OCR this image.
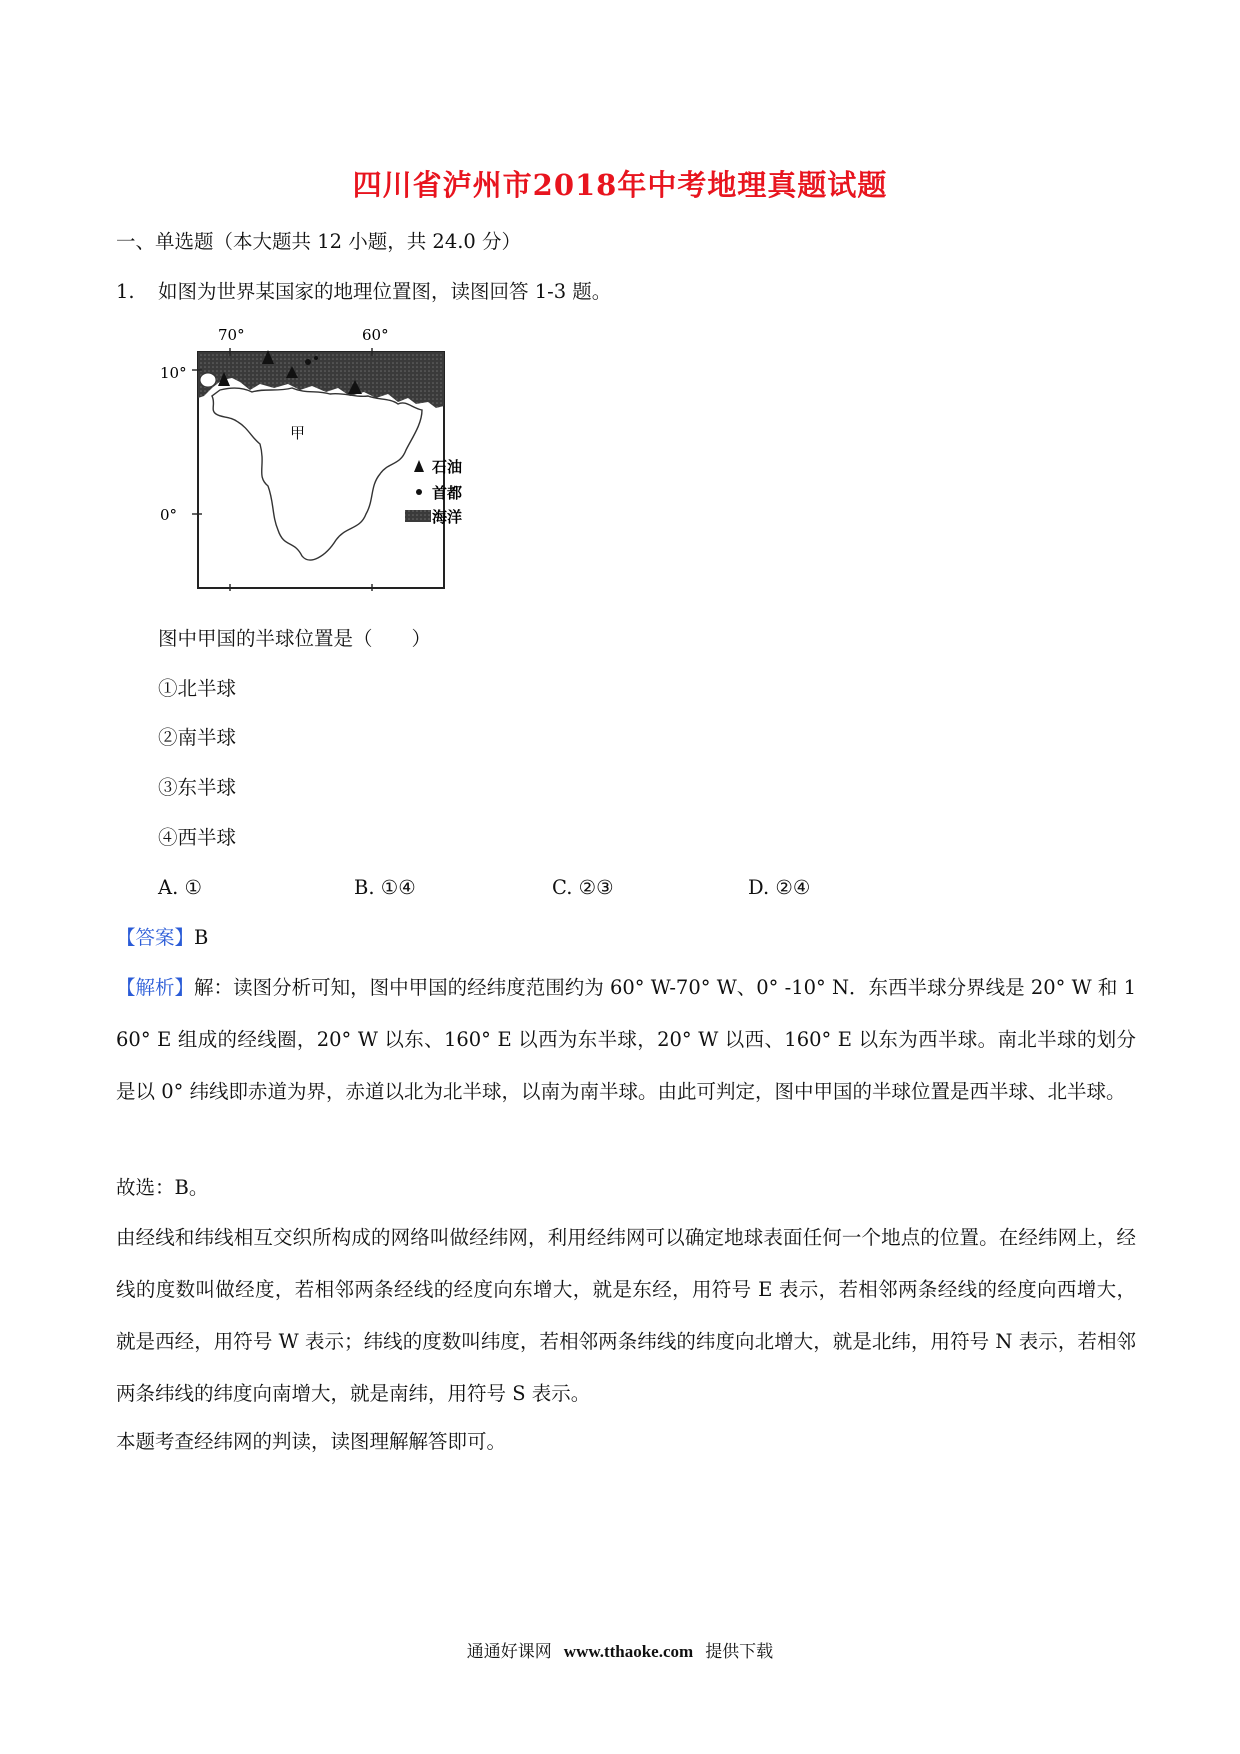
四川省泸州市2018年中考地理真题试题
一、单选题（本大题共 12 小题，共 24.0 分）
1. 如图为世界某国家的地理位置图，读图回答 1-3 题。
70°	60°
10°
0°
乙
甲
石油
首都
海洋
图中甲国的半球位置是（　　）
①北半球
②南半球
③东半球
④西半球
A. ①	B. ①④	C. ②③	D. ②④
【答案】B
【解析】解：读图分析可知，图中甲国的经纬度范围约为 60° W-70° W、0° -10° N．东西半球分界线是 20° W 和 160° E 组成的经线圈，20° W 以东、160° E 以西为东半球，20° W 以西、160° E 以东为西半球。南北半球的划分是以 0° 纬线即赤道为界，赤道以北为北半球，以南为南半球。由此可判定，图中甲国的半球位置是西半球、北半球。
故选：B。
由经线和纬线相互交织所构成的网络叫做经纬网，利用经纬网可以确定地球表面任何一个地点的位置。在经纬网上，经线的度数叫做经度，若相邻两条经线的经度向东增大，就是东经，用符号 E 表示，若相邻两条经线的经度向西增大，就是西经，用符号 W 表示；纬线的度数叫纬度，若相邻两条纬线的纬度向北增大，就是北纬，用符号 N 表示，若相邻两条纬线的纬度向南增大，就是南纬，用符号 S 表示。
本题考查经纬网的判读，读图理解解答即可。
通通好课网 www.tthaoke.com 提供下载
